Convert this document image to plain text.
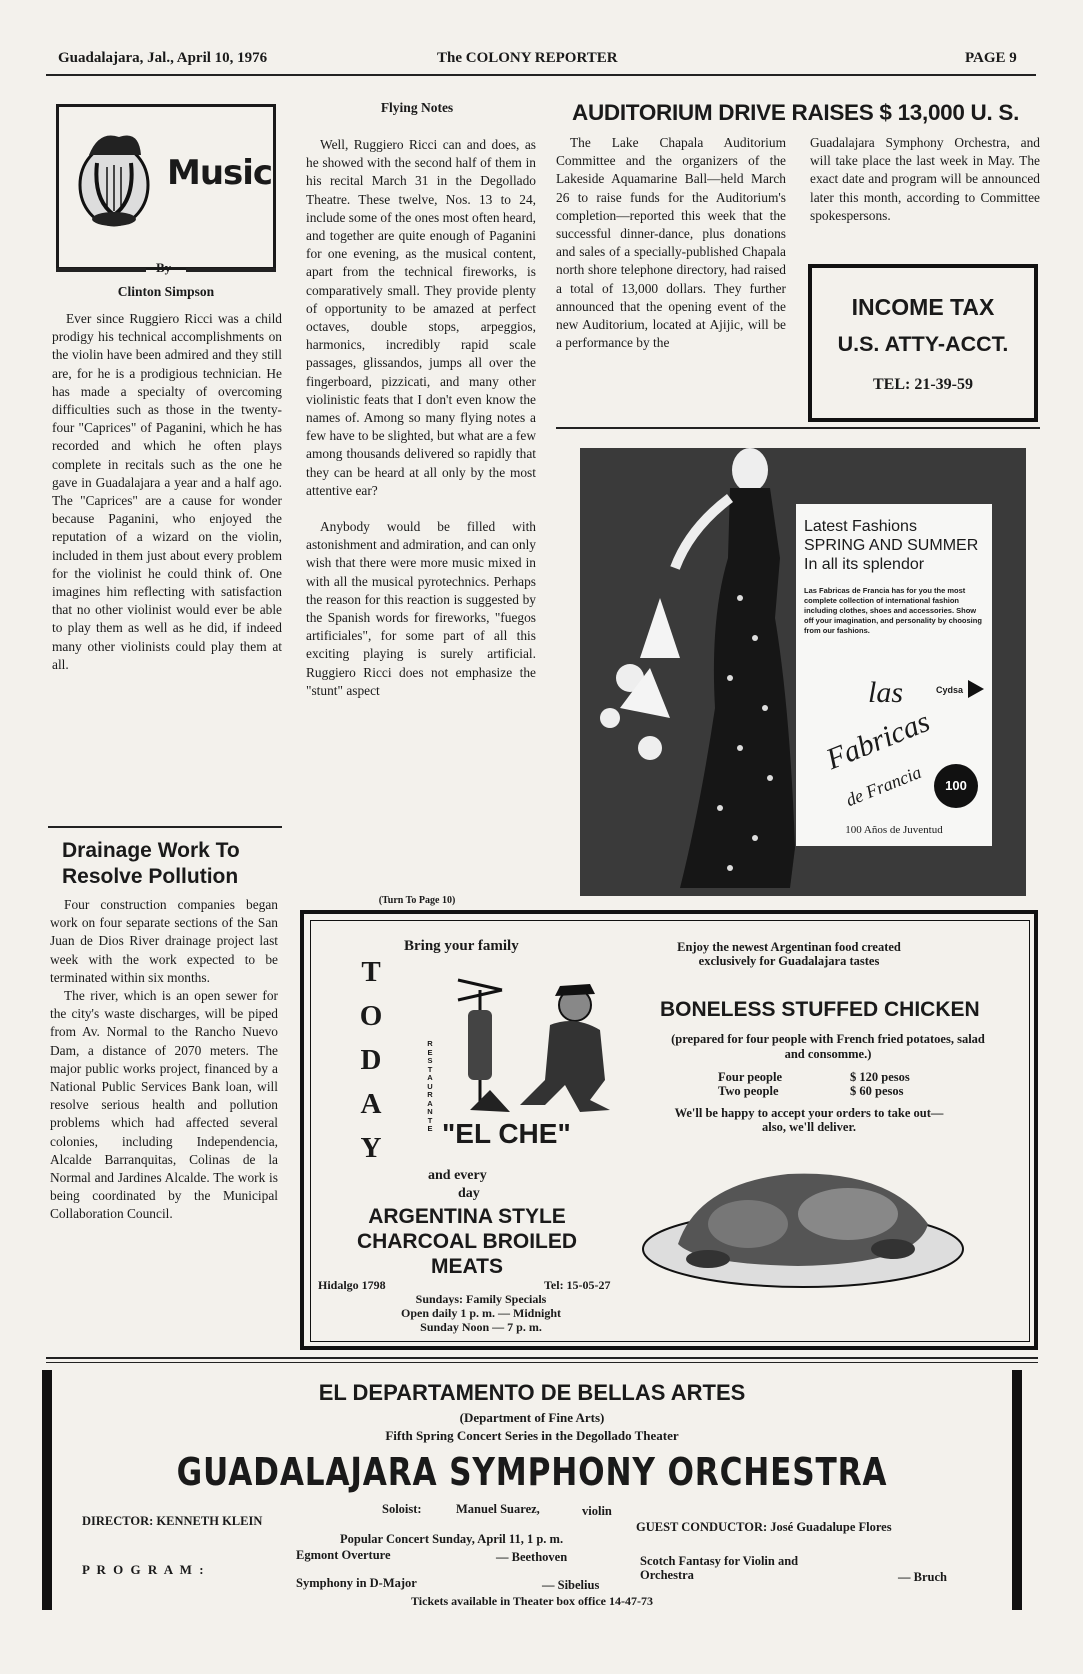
Guadalajara, Jal., April 10, 1976	The COLONY REPORTER	PAGE 9
Music
By
Clinton Simpson

Ever since Ruggiero Ricci was a child prodigy his technical accomplishments on the violin have been admired and they still are, for he is a prodigious technician. He has made a specialty of overcoming difficulties such as those in the twenty-four "Caprices" of Paganini, which he has recorded and which he often plays complete in recitals such as the one he gave in Guadalajara a year and a half ago. The "Caprices" are a cause for wonder because Paganini, who enjoyed the reputation of a wizard on the violin, included in them just about every problem for the violinist he could think of. One imagines him reflecting with satisfaction that no other violinist would ever be able to play them as well as he did, if indeed many other violinists could play them at all.

Drainage Work To Resolve Pollution

Four construction companies began work on four separate sections of the San Juan de Dios River drainage project last week with the work expected to be terminated within six months.

The river, which is an open sewer for the city's waste discharges, will be piped from Av. Normal to the Rancho Nuevo Dam, a distance of 2070 meters. The major public works project, financed by a National Public Services Bank loan, will resolve serious health and pollution problems which had affected several colonies, including Independencia, Alcalde Barranquitas, Colinas de la Normal and Jardines Alcalde. The work is being coordinated by the Municipal Collaboration Council.

Flying Notes

Well, Ruggiero Ricci can and does, as he showed with the second half of them in his recital March 31 in the Degollado Theatre. These twelve, Nos. 13 to 24, include some of the ones most often heard, and together are quite enough of Paganini for one evening, as the musical content, apart from the technical fireworks, is comparatively small. They provide plenty of opportunity to be amazed at perfect octaves, double stops, arpeggios, harmonics, incredibly rapid scale passages, glissandos, jumps all over the fingerboard, pizzicati, and many other violinistic feats that I don't even know the names of. Among so many flying notes a few have to be slighted, but what are a few among thousands delivered so rapidly that they can be heard at all only by the most attentive ear?

Anybody would be filled with astonishment and admiration, and can only wish that there were more music mixed in with all the musical pyrotechnics. Perhaps the reason for this reaction is suggested by the Spanish words for fireworks, "fuegos artificiales", for some part of all this exciting playing is surely artificial. Ruggiero Ricci does not emphasize the "stunt" aspect

(Turn To Page 10)
AUDITORIUM DRIVE RAISES $ 13,000 U. S.

The Lake Chapala Auditorium Committee and the organizers of the Lakeside Aquamarine Ball—held March 26 to raise funds for the Auditorium's completion—reported this week that the successful dinner-dance, plus donations and sales of a specially-published Chapala north shore telephone directory, had raised a total of 13,000 dollars. They further announced that the opening event of the new Auditorium, located at Ajijic, will be a performance by the

Guadalajara Symphony Orchestra, and will take place the last week in May. The exact date and program will be announced later this month, according to Committee spokespersons.

INCOME TAX
U.S. ATTY-ACCT.
TEL: 21-39-59
Latest Fashions
SPRING AND SUMMER
In all its splendor
Las Fabricas de Francia has for you the most complete collection of international fashion including clothes, shoes and accessories. Show off your imagination, and personality by choosing from our fashions.
Cydsa
las
Fabricas
de Francia	100
100 Años de Juventud
T
O
D
A
Y
Bring your family
R
E
S
T
A
U
R
A
N
T
E "EL CHE"
and every
day
ARGENTINA STYLE CHARCOAL BROILED MEATS
Hidalgo 1798	Tel: 15-05-27
Sundays: Family Specials
Open daily 1 p. m. — Midnight
Sunday Noon — 7 p. m.
Enjoy the newest Argentinan food created exclusively for Guadalajara tastes
BONELESS STUFFED CHICKEN
(prepared for four people with French fried potatoes, salad and consomme.)
Four people	$ 120 pesos
Two people	$ 60 pesos
We'll be happy to accept your orders to take out—also, we'll deliver.
EL DEPARTAMENTO DE BELLAS ARTES
(Department of Fine Arts)
Fifth Spring Concert Series in the Degollado Theater
GUADALAJARA SYMPHONY ORCHESTRA
Soloist:	Manuel Suarez,	violin
DIRECTOR: KENNETH KLEIN	GUEST CONDUCTOR: José Guadalupe Flores
Popular Concert Sunday, April 11, 1 p. m.
P R O G R A M :
Egmont Overture	— Beethoven
Symphony in D-Major	— Sibelius
Scotch Fantasy for Violin and Orchestra	— Bruch
Tickets available in Theater box office 14-47-73
